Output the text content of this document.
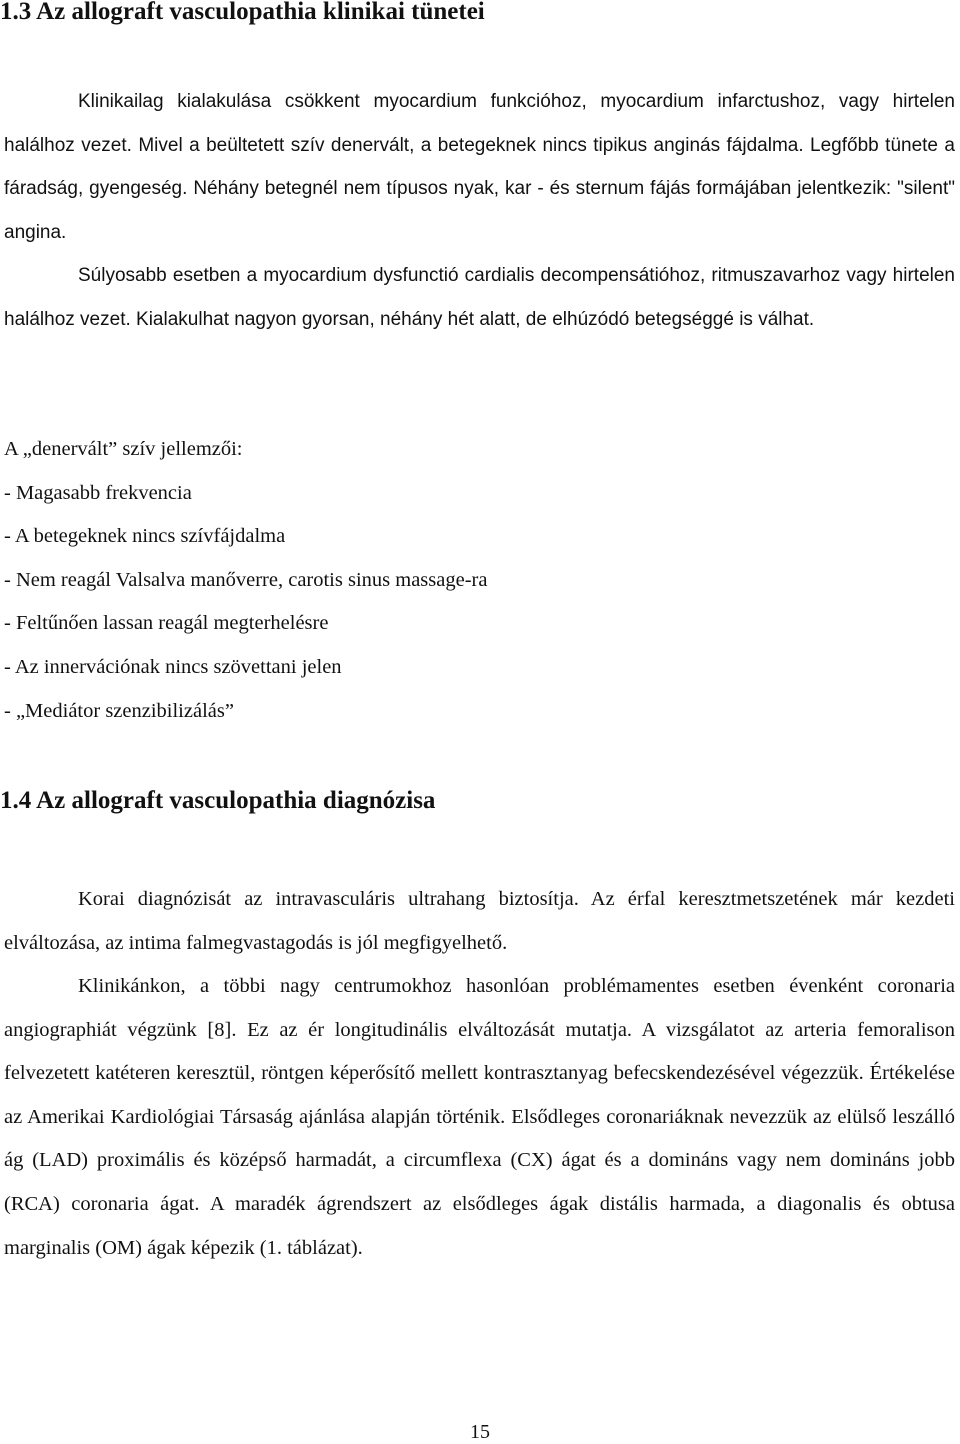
1.3 Az allograft vasculopathia klinikai tünetei

Klinikailag kialakulása csökkent myocardium funkcióhoz, myocardium infarctushoz, vagy hirtelen halálhoz vezet. Mivel a beültetett szív denervált, a betegeknek nincs tipikus anginás fájdalma. Legfőbb tünete a fáradság, gyengeség. Néhány betegnél nem típusos nyak, kar - és sternum fájás formájában jelentkezik: "silent" angina.

Súlyosabb esetben a myocardium dysfunctió cardialis decompensátióhoz, ritmuszavarhoz vagy hirtelen halálhoz vezet. Kialakulhat nagyon gyorsan, néhány hét alatt, de elhúzódó betegséggé is válhat.

A „denervált” szív jellemzői:
- Magasabb frekvencia
- A betegeknek nincs szívfájdalma
- Nem reagál Valsalva manőverre, carotis sinus massage-ra
- Feltűnően lassan reagál megterhelésre
- Az innervációnak nincs szövettani jelen
- „Mediátor szenzibilizálás”
1.4 Az allograft vasculopathia diagnózisa

Korai diagnózisát az intravasculáris ultrahang biztosítja. Az érfal keresztmetszetének már kezdeti elváltozása, az intima falmegvastagodás is jól megfigyelhető.

Klinikánkon, a többi nagy centrumokhoz hasonlóan problémamentes esetben évenként coronaria angiographiát végzünk [8]. Ez az ér longitudinális elváltozását mutatja. A vizsgálatot az arteria femoralison felvezetett katéteren keresztül, röntgen képerősítő mellett kontrasztanyag befecskendezésével végezzük. Értékelése az Amerikai Kardiológiai Társaság ajánlása alapján történik. Elsődleges coronariáknak nevezzük az elülső leszálló ág (LAD) proximális és középső harmadát, a circumflexa (CX) ágat és a domináns vagy nem domináns jobb (RCA) coronaria ágat. A maradék ágrendszert az elsődleges ágak distális harmada, a diagonalis és obtusa marginalis (OM) ágak képezik (1. táblázat).

15
